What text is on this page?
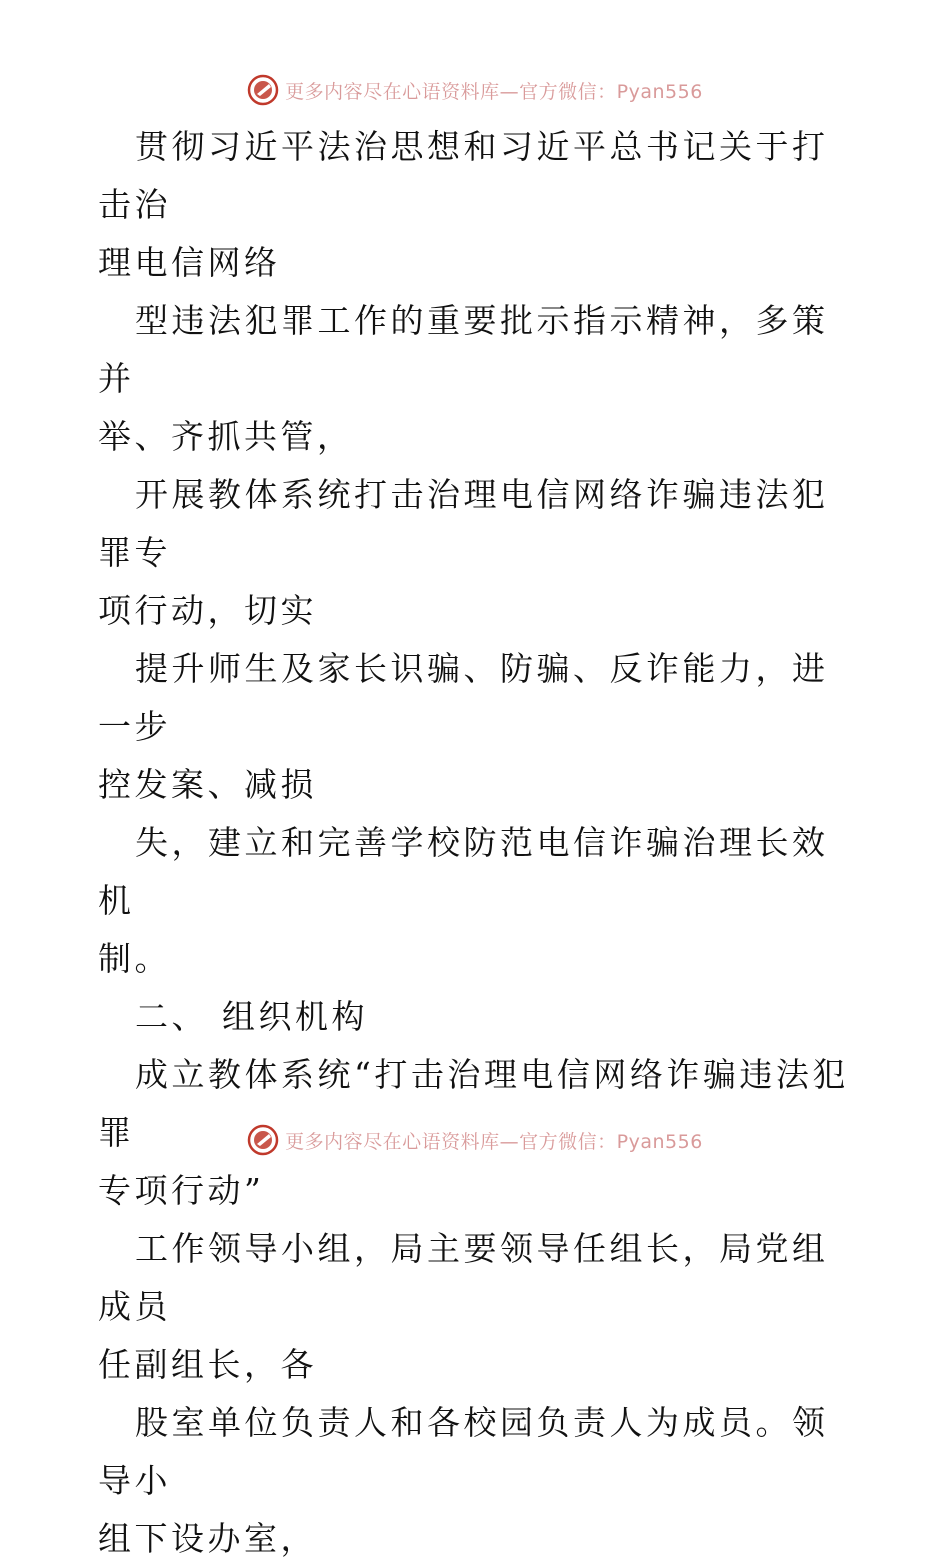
更多内容尽在心语资料库—官方微信：Pyan556

贯彻习近平法治思想和习近平总书记关于打击治
理电信网络

型违法犯罪工作的重要批示指示精神，多策并
举、齐抓共管，

开展教体系统打击治理电信网络诈骗违法犯罪专
项行动，切实

提升师生及家长识骗、防骗、反诈能力，进一步
控发案、减损

失，建立和完善学校防范电信诈骗治理长效机
制。

二、 组织机构

成立教体系统“打击治理电信网络诈骗违法犯罪
专项行动”

工作领导小组，局主要领导任组长，局党组成员
任副组长，各

股室单位负责人和各校园负责人为成员。领导小
组下设办室，

更多内容尽在心语资料库—官方微信：Pyan556
